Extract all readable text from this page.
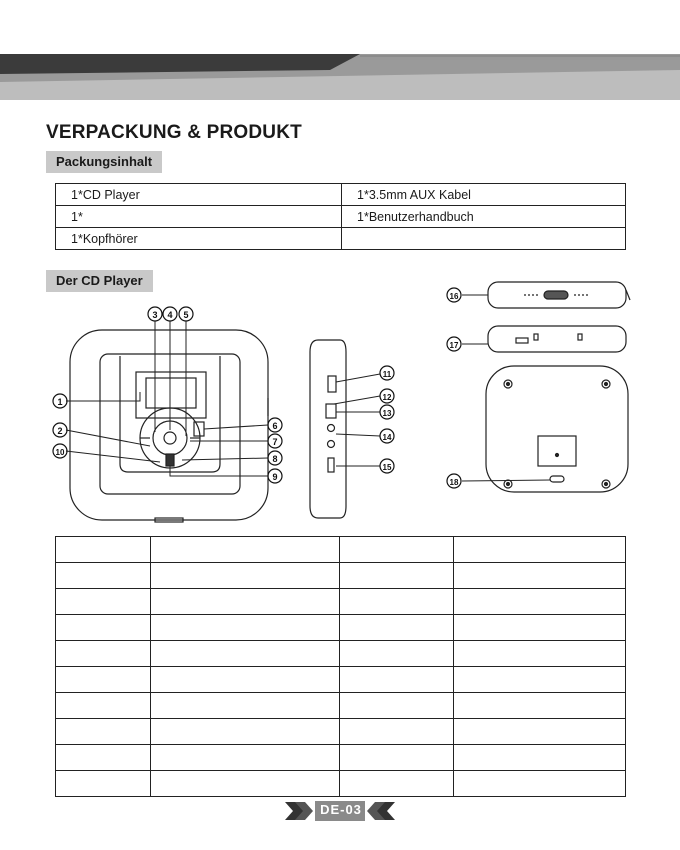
VERPACKUNG & PRODUKT
Packungsinhalt
1*CD Player	1*3.5mm AUX Kabel
1*	1*Benutzerhandbuch
1*Kopfhörer	
Der CD Player
1
2
10
3 4 5
6
7
8
9
11
12
13
14
15
16
17
18

DE-03
